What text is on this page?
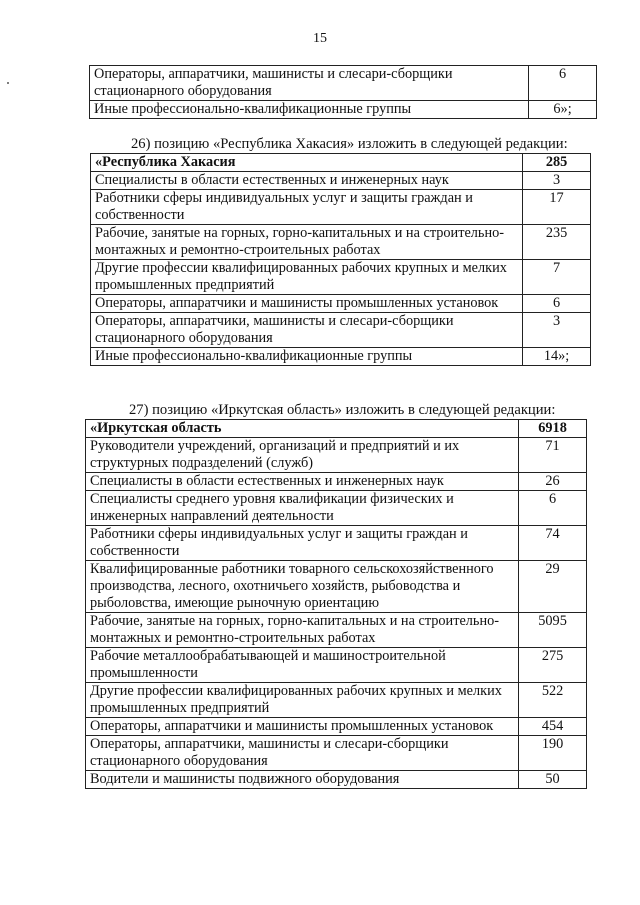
15
Операторы, аппаратчики, машинисты и слесари-сборщики стационарного оборудования	6
Иные профессионально-квалификационные группы	6»;
26) позицию «Республика Хакасия» изложить в следующей редакции:
«Республика Хакасия	285
Специалисты в области естественных и инженерных наук	3
Работники сферы индивидуальных услуг и защиты граждан и собственности	17
Рабочие, занятые на горных, горно-капитальных и на строительно-монтажных и ремонтно-строительных работах	235
Другие профессии квалифицированных рабочих крупных и мелких промышленных предприятий	7
Операторы, аппаратчики и машинисты промышленных установок	6
Операторы, аппаратчики, машинисты и слесари-сборщики стационарного оборудования	3
Иные профессионально-квалификационные группы	14»;
27) позицию «Иркутская область» изложить в следующей редакции:
«Иркутская область	6918
Руководители учреждений, организаций и предприятий и их структурных подразделений (служб)	71
Специалисты в области естественных и инженерных наук	26
Специалисты среднего уровня квалификации физических и инженерных направлений деятельности	6
Работники сферы индивидуальных услуг и защиты граждан и собственности	74
Квалифицированные работники товарного сельскохозяйственного производства, лесного, охотничьего хозяйств, рыбоводства и рыболовства, имеющие рыночную ориентацию	29
Рабочие, занятые на горных, горно-капитальных и на строительно-монтажных и ремонтно-строительных работах	5095
Рабочие металлообрабатывающей и машиностроительной промышленности	275
Другие профессии квалифицированных рабочих крупных и мелких промышленных предприятий	522
Операторы, аппаратчики и машинисты промышленных установок	454
Операторы, аппаратчики, машинисты и слесари-сборщики стационарного оборудования	190
Водители и машинисты подвижного оборудования	50
